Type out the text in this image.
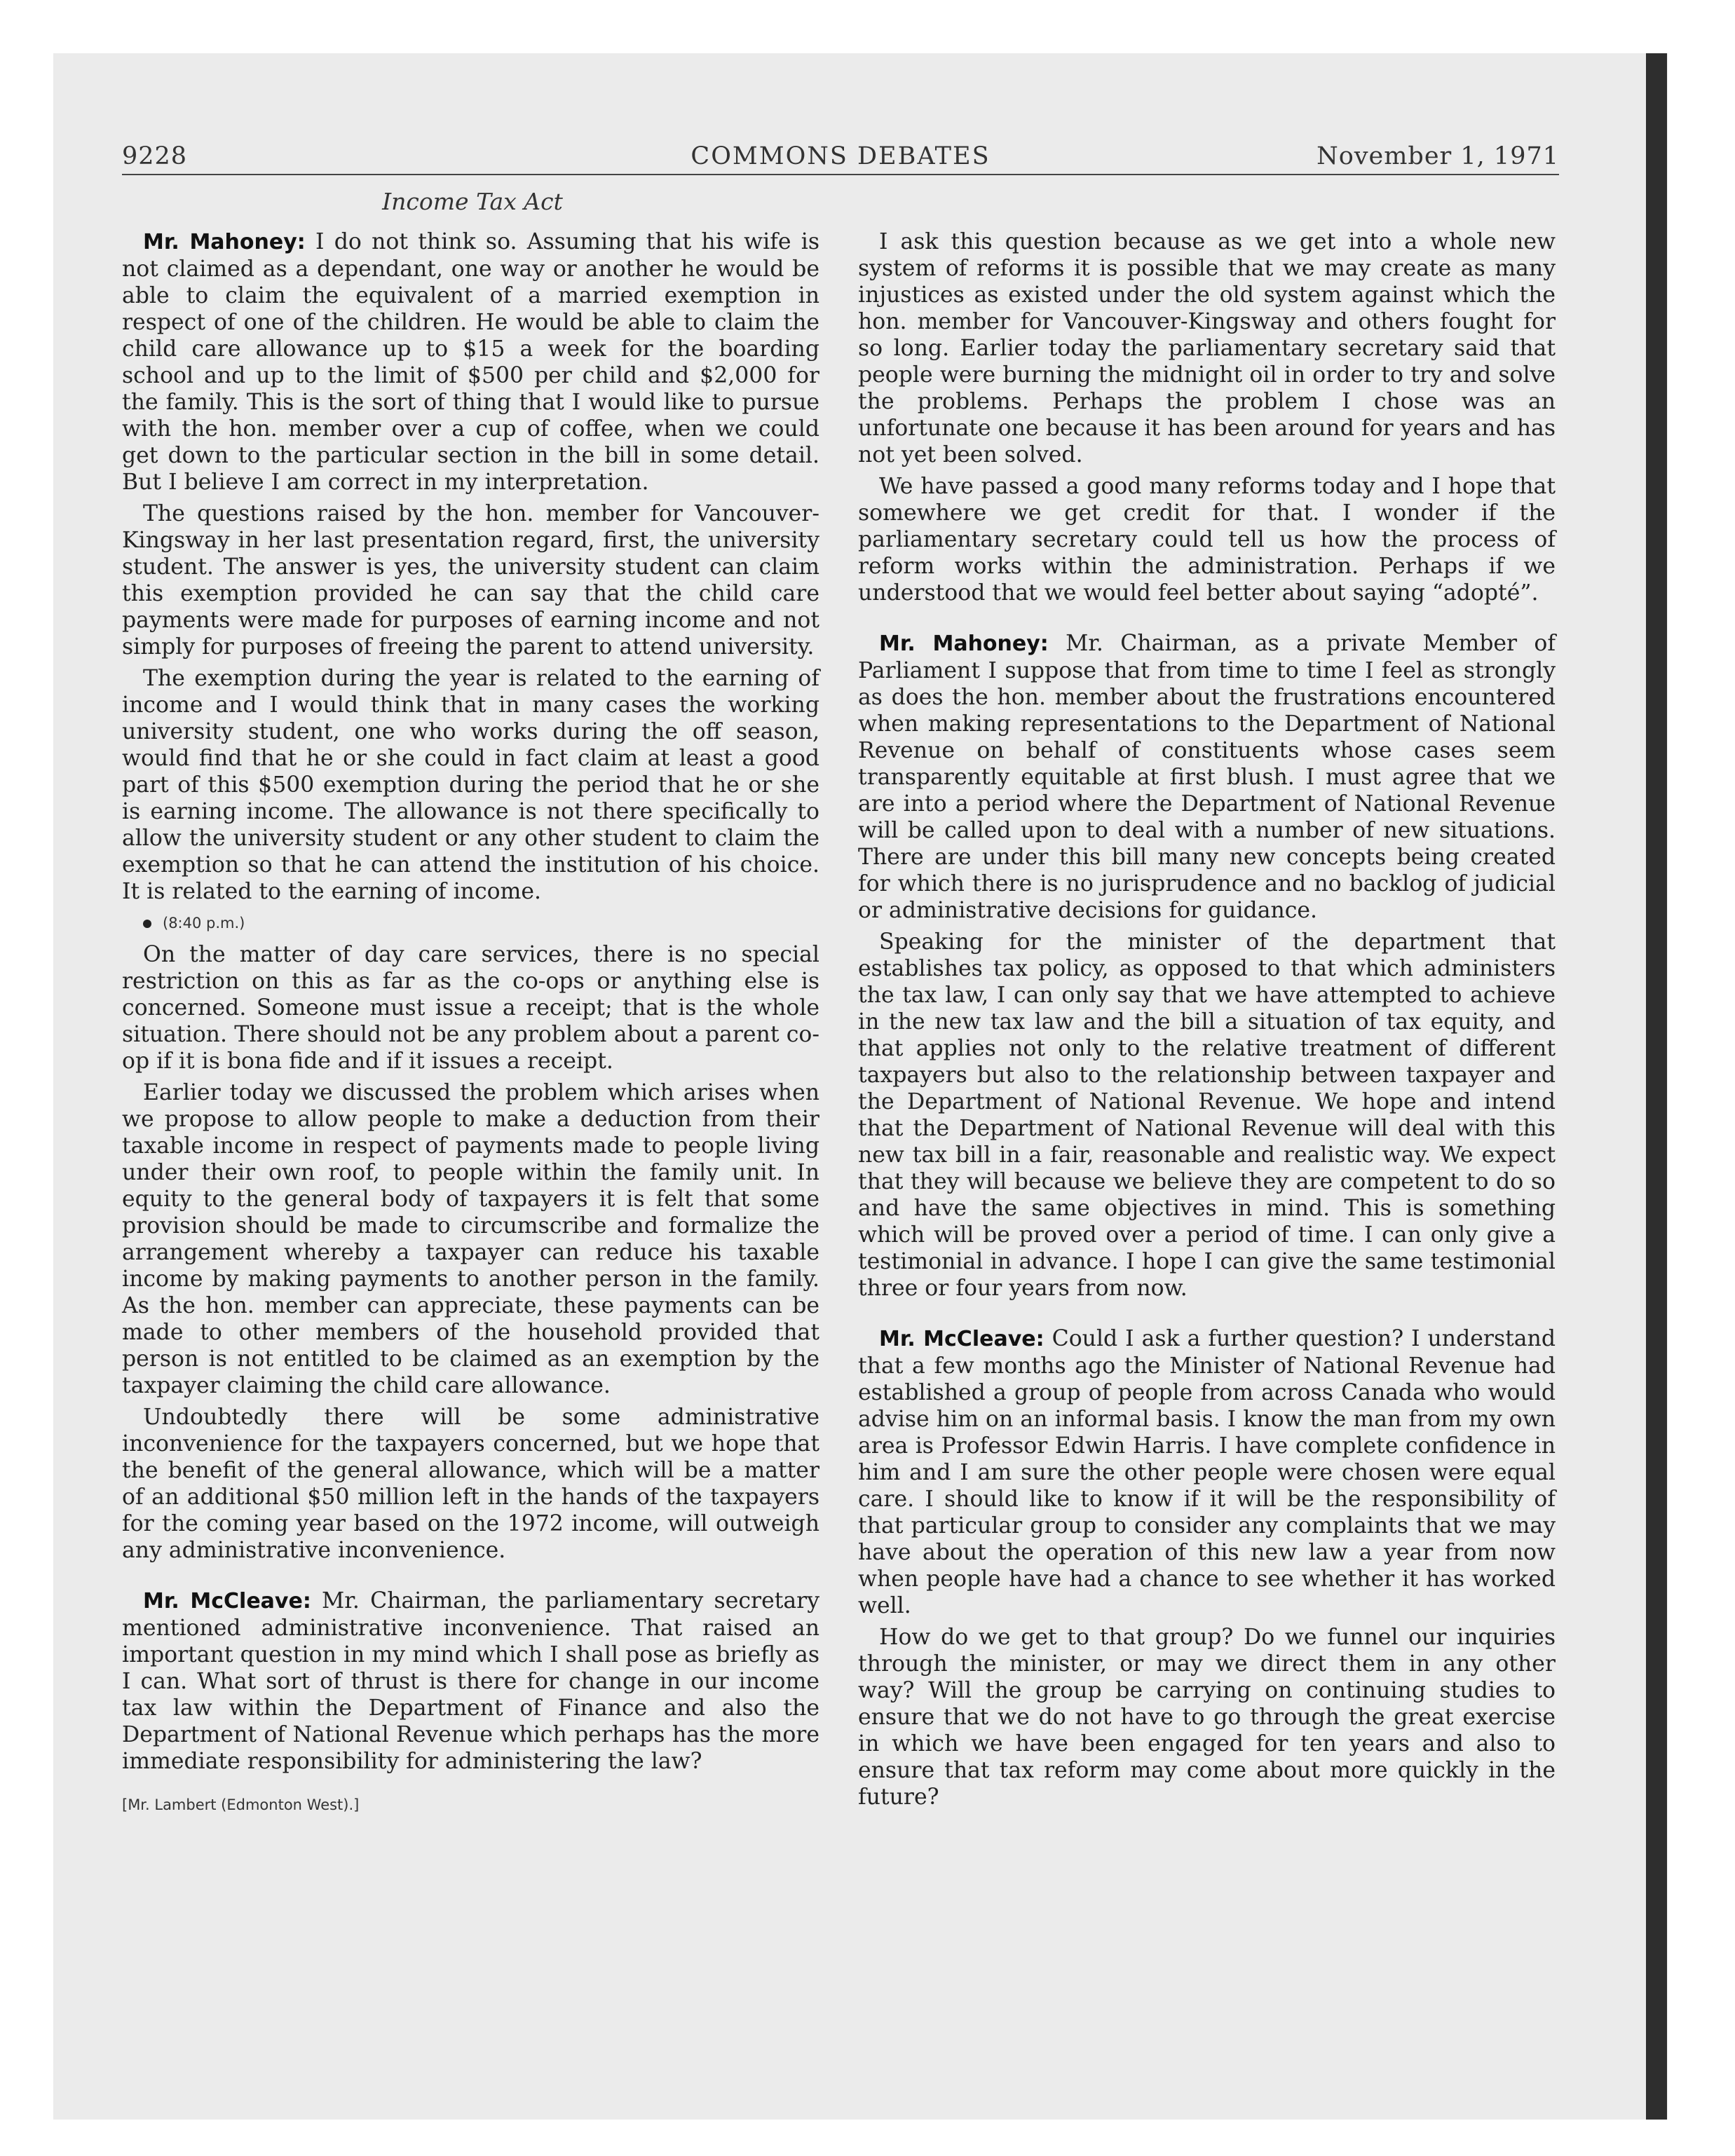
COMMONS DEBATES
9228	November 1, 1971
Income Tax Act

Mr. Mahoney: I do not think so. Assuming that his wife is not claimed as a dependant, one way or another he would be able to claim the equivalent of a married exemption in respect of one of the children. He would be able to claim the child care allowance up to $15 a week for the boarding school and up to the limit of $500 per child and $2,000 for the family. This is the sort of thing that I would like to pursue with the hon. member over a cup of coffee, when we could get down to the particular section in the bill in some detail. But I believe I am correct in my interpretation.

The questions raised by the hon. member for Vancouver-Kingsway in her last presentation regard, first, the university student. The answer is yes, the university student can claim this exemption provided he can say that the child care payments were made for purposes of earning income and not simply for purposes of freeing the parent to attend university.

The exemption during the year is related to the earning of income and I would think that in many cases the working university student, one who works during the off season, would find that he or she could in fact claim at least a good part of this $500 exemption during the period that he or she is earning income. The allowance is not there specifically to allow the university student or any other student to claim the exemption so that he can attend the institution of his choice. It is related to the earning of income.

(8:40 p.m.)

On the matter of day care services, there is no special restriction on this as far as the co-ops or anything else is concerned. Someone must issue a receipt; that is the whole situation. There should not be any problem about a parent co-op if it is bona fide and if it issues a receipt.

Earlier today we discussed the problem which arises when we propose to allow people to make a deduction from their taxable income in respect of payments made to people living under their own roof, to people within the family unit. In equity to the general body of taxpayers it is felt that some provision should be made to circumscribe and formalize the arrangement whereby a taxpayer can reduce his taxable income by making payments to another person in the family. As the hon. member can appreciate, these payments can be made to other members of the household provided that person is not entitled to be claimed as an exemption by the taxpayer claiming the child care allowance.

Undoubtedly there will be some administrative inconvenience for the taxpayers concerned, but we hope that the benefit of the general allowance, which will be a matter of an additional $50 million left in the hands of the taxpayers for the coming year based on the 1972 income, will outweigh any administrative inconvenience.

Mr. McCleave: Mr. Chairman, the parliamentary secretary mentioned administrative inconvenience. That raised an important question in my mind which I shall pose as briefly as I can. What sort of thrust is there for change in our income tax law within the Department of Finance and also the Department of National Revenue which perhaps has the more immediate responsibility for administering the law?

[Mr. Lambert (Edmonton West).]

I ask this question because as we get into a whole new system of reforms it is possible that we may create as many injustices as existed under the old system against which the hon. member for Vancouver-Kingsway and others fought for so long. Earlier today the parliamentary secretary said that people were burning the midnight oil in order to try and solve the problems. Perhaps the problem I chose was an unfortunate one because it has been around for years and has not yet been solved.

We have passed a good many reforms today and I hope that somewhere we get credit for that. I wonder if the parliamentary secretary could tell us how the process of reform works within the administration. Perhaps if we understood that we would feel better about saying “adopté”.

Mr. Mahoney: Mr. Chairman, as a private Member of Parliament I suppose that from time to time I feel as strongly as does the hon. member about the frustrations encountered when making representations to the Department of National Revenue on behalf of constituents whose cases seem transparently equitable at first blush. I must agree that we are into a period where the Department of National Revenue will be called upon to deal with a number of new situations. There are under this bill many new concepts being created for which there is no jurisprudence and no backlog of judicial or administrative decisions for guidance.

Speaking for the minister of the department that establishes tax policy, as opposed to that which administers the tax law, I can only say that we have attempted to achieve in the new tax law and the bill a situation of tax equity, and that applies not only to the relative treatment of different taxpayers but also to the relationship between taxpayer and the Department of National Revenue. We hope and intend that the Department of National Revenue will deal with this new tax bill in a fair, reasonable and realistic way. We expect that they will because we believe they are competent to do so and have the same objectives in mind. This is something which will be proved over a period of time. I can only give a testimonial in advance. I hope I can give the same testimonial three or four years from now.

Mr. McCleave: Could I ask a further question? I understand that a few months ago the Minister of National Revenue had established a group of people from across Canada who would advise him on an informal basis. I know the man from my own area is Professor Edwin Harris. I have complete confidence in him and I am sure the other people were chosen were equal care. I should like to know if it will be the responsibility of that particular group to consider any complaints that we may have about the operation of this new law a year from now when people have had a chance to see whether it has worked well.

How do we get to that group? Do we funnel our inquiries through the minister, or may we direct them in any other way? Will the group be carrying on continuing studies to ensure that we do not have to go through the great exercise in which we have been engaged for ten years and also to ensure that tax reform may come about more quickly in the future?
